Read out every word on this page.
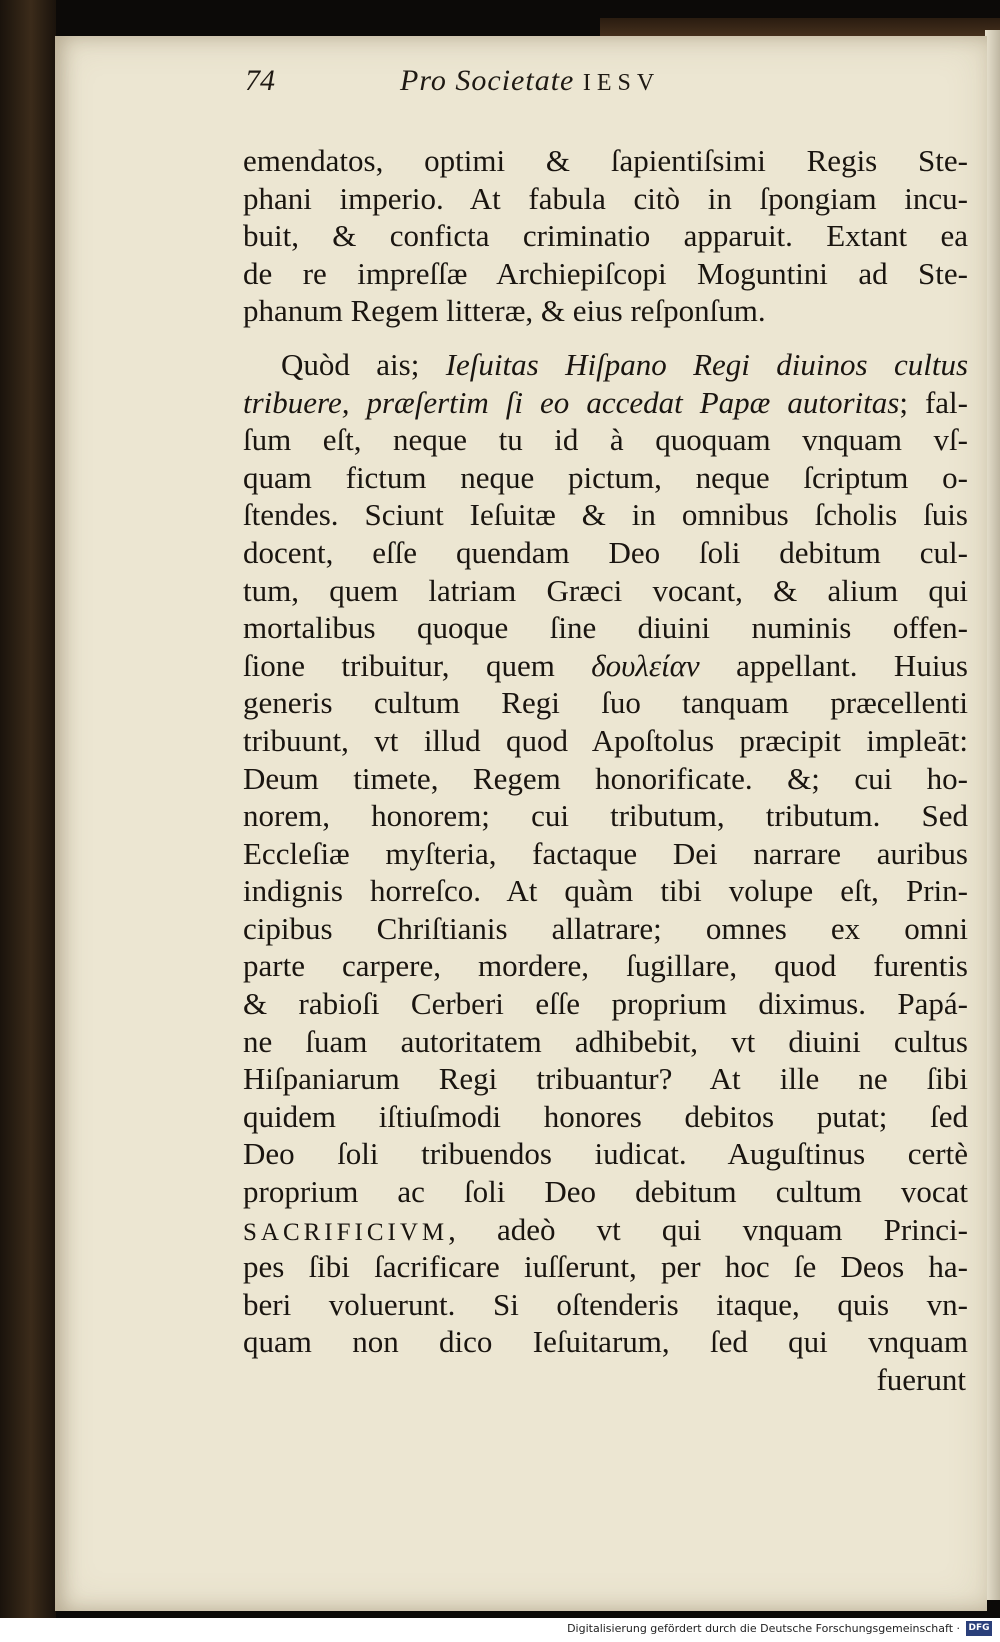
74	Pro Societate IESV
emendatos, optimi & ſapientiſsimi Regis Ste-
phani imperio. At fabula citò in ſpongiam incu-
buit, & confictа criminatio apparuit. Extant ea
de re impreſſæ Archiepiſcopi Moguntini ad Ste-
phanum Regem litteræ, & eius reſponſum.
Quòd ais; Ieſuitas Hiſpano Regi diuinos cultus
tribuere, præſertim ſi eo accedat Papæ autoritas; fal-
ſum eſt, neque tu id à quoquam vnquam vſ-
quam fictum neque pictum, neque ſcriptum o-
ſtendes. Sciunt Ieſuitæ & in omnibus ſcholis ſuis
docent, eſſe quendam Deo ſoli debitum cul-
tum, quem latriam Græci vocant, & alium qui
mortalibus quoque ſine diuini numinis offen-
ſione tribuitur, quem δουλείαν appellant. Huius
generis cultum Regi ſuo tanquam præcellenti
tribuunt, vt illud quod Apoſtolus præcipit impleāt:
Deum timete, Regem honorificate. &; cui ho-
norem, honorem; cui tributum, tributum. Sed
Eccleſiæ myſteria, factaque Dei narrare auribus
indignis horreſco. At quàm tibi volupe eſt, Prin-
cipibus Chriſtianis allatrare; omnes ex omni
parte carpere, mordere, ſugillare, quod furentis
& rabioſi Cerberi eſſe proprium diximus. Papá-
ne ſuam autoritatem adhibebit, vt diuini cultus
Hiſpaniarum Regi tribuantur? At ille ne ſibi
quidem iſtiuſmodi honores debitos putat; ſed
Deo ſoli tribuendos iudicat. Auguſtinus certè
proprium ac ſoli Deo debitum cultum vocat
SACRIFICIVM, adeò vt qui vnquam Princi-
pes ſibi ſacrificare iuſſerunt, per hoc ſe Deos ha-
beri voluerunt. Si oſtenderis itaque, quis vn-
quam non dico Ieſuitarum, ſed qui vnquam
fuerunt
Digitalisierung gefördert durch die Deutsche Forschungsgemeinschaft · DFG
